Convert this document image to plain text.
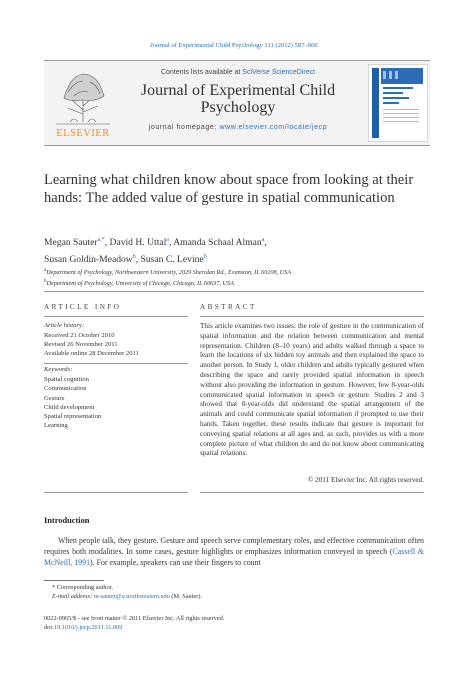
Journal of Experimental Child Psychology 111 (2012) 587–606
ELSEVIER
Contents lists available at SciVerse ScienceDirect
Journal of Experimental Child Psychology
journal homepage: www.elsevier.com/locate/jecp
Learning what children know about space from looking at their hands: The added value of gesture in spatial communication
Megan Sauter$^{a,*}$, David H. Uttal$^a$, Amanda Schaal Alman$^a$,
Susan Goldin-Meadow$^b$, Susan C. Levine$^b$
$^a$Department of Psychology, Northwestern University, 2029 Sheridan Rd., Evanston, IL 60208, USA
$^b$Department of Psychology, University of Chicago, Chicago, IL 60637, USA
ARTICLE INFO	ABSTRACT
Article history:
Received 21 October 2010
Revised 26 November 2011
Available online 28 December 2011
Keywords:
Spatial cognition
Communication
Gesture
Child development
Spatial representation
Learning
This article examines two issues: the role of gesture in the communication of spatial information and the relation between communication and mental representation. Children (8–10 years) and adults walked through a space to learn the locations of six hidden toy animals and then explained the space to another person. In Study 1, older children and adults typically gestured when describing the space and rarely provided spatial information in speech without also providing the information in gesture. However, few 8-year-olds communicated spatial information in speech or gesture. Studies 2 and 3 showed that 8-year-olds did understand the spatial arrangement of the animals and could communicate spatial information if prompted to use their hands. Taken together, these results indicate that gesture is important for conveying spatial relations at all ages and, as such, provides us with a more complete picture of what children do and do not know about communicating spatial relations.
© 2011 Elsevier Inc. All rights reserved.
Introduction
When people talk, they gesture. Gesture and speech serve complementary roles, and effective communication often requires both modalities. In some cases, gesture highlights or emphasizes information conveyed in speech (Cassell & McNeill, 1991). For example, speakers can use their fingers to count
* Corresponding author.
E-mail address: m-sauter@u.northwestern.edu (M. Sauter).
0022-0965/$ - see front matter © 2011 Elsevier Inc. All rights reserved.
doi:10.1016/j.jecp.2011.11.009
